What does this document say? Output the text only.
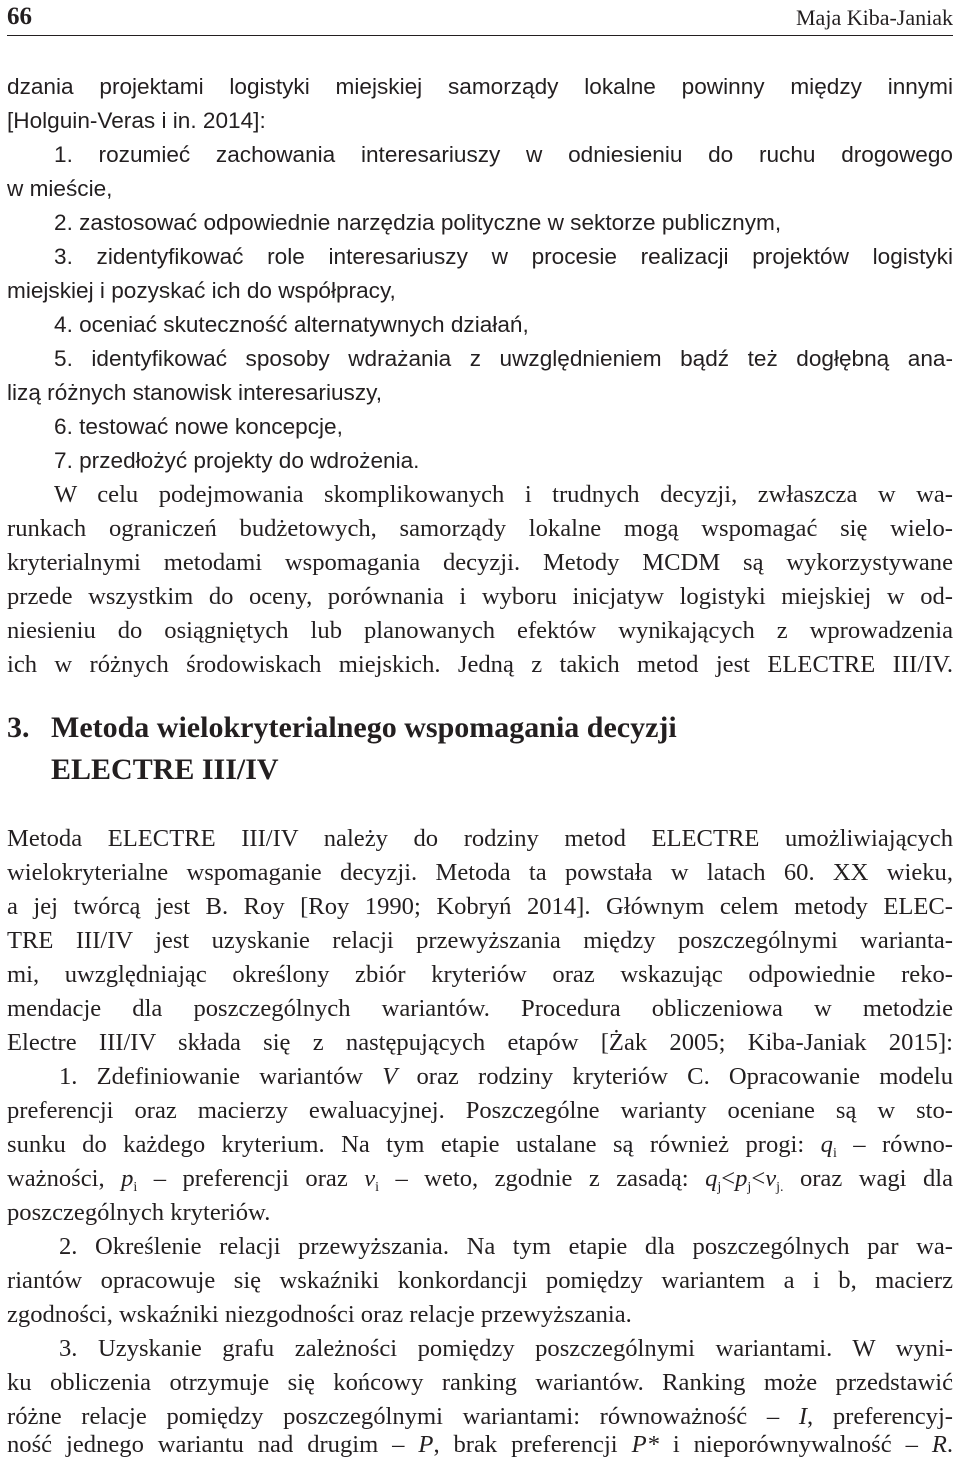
66	Maja Kiba-Janiak
dzania projektami logistyki miejskiej samorządy lokalne powinny między innymi
[Holguin-Veras i in. 2014]:
1. rozumieć zachowania interesariuszy w odniesieniu do ruchu drogowego
w mieście,
2. zastosować odpowiednie narzędzia polityczne w sektorze publicznym,
3. zidentyfikować role interesariuszy w procesie realizacji projektów logistyki
miejskiej i pozyskać ich do współpracy,
4. oceniać skuteczność alternatywnych działań,
5. identyfikować sposoby wdrażania z uwzględnieniem bądź też dogłębną ana-
lizą różnych stanowisk interesariuszy,
6. testować nowe koncepcje,
7. przedłożyć projekty do wdrożenia.
W celu podejmowania skomplikowanych i trudnych decyzji, zwłaszcza w wa-
runkach ograniczeń budżetowych, samorządy lokalne mogą wspomagać się wielo-
kryterialnymi metodami wspomagania decyzji. Metody MCDM są wykorzystywane
przede wszystkim do oceny, porównania i wyboru inicjatyw logistyki miejskiej w od-
niesieniu do osiągniętych lub planowanych efektów wynikających z wprowadzenia
ich w różnych środowiskach miejskich. Jedną z takich metod jest ELECTRE III/IV.
3. Metoda wielokryterialnego wspomagania decyzji
ELECTRE III/IV
Metoda ELECTRE III/IV należy do rodziny metod ELECTRE umożliwiających
wielokryterialne wspomaganie decyzji. Metoda ta powstała w latach 60. XX wieku,
a jej twórcą jest B. Roy [Roy 1990; Kobryń 2014]. Głównym celem metody ELEC-
TRE III/IV jest uzyskanie relacji przewyższania między poszczególnymi warianta-
mi, uwzględniając określony zbiór kryteriów oraz wskazując odpowiednie reko-
mendacje dla poszczególnych wariantów. Procedura obliczeniowa w metodzie
Electre III/IV składa się z następujących etapów [Żak 2005; Kiba-Janiak 2015]:
1. Zdefiniowanie wariantów V oraz rodziny kryteriów C. Opracowanie modelu
preferencji oraz macierzy ewaluacyjnej. Poszczególne warianty oceniane są w sto-
sunku do każdego kryterium. Na tym etapie ustalane są również progi: $q_i$ – równo-
ważności, $p_i$ – preferencji oraz $v_i$ – weto, zgodnie z zasadą: $q_j<p_j<v_{j.}$ oraz wagi dla
poszczególnych kryteriów.
2. Określenie relacji przewyższania. Na tym etapie dla poszczególnych par wa-
riantów opracowuje się wskaźniki konkordancji pomiędzy wariantem a i b, macierz
zgodności, wskaźniki niezgodności oraz relacje przewyższania.
3. Uzyskanie grafu zależności pomiędzy poszczególnymi wariantami. W wyni-
ku obliczenia otrzymuje się końcowy ranking wariantów. Ranking może przedstawić
różne relacje pomiędzy poszczególnymi wariantami: równoważność – I, preferencyj-
ność jednego wariantu nad drugim – P, brak preferencji P* i nieporównywalność – R.
